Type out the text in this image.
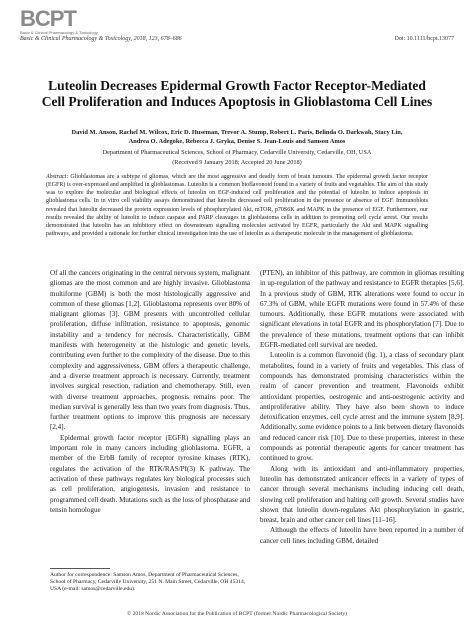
BCPT
Basic & Clinical Pharmacology & Toxicology
Basic & Clinical Pharmacology & Toxicology, 2018, 123, 678–686	Doi: 10.1111/bcpt.13077
Luteolin Decreases Epidermal Growth Factor Receptor-Mediated Cell Proliferation and Induces Apoptosis in Glioblastoma Cell Lines
David M. Anson, Rachel M. Wilcox, Eric D. Huseman, Trevor A. Stump, Robert L. Paris, Belinda O. Darkwah, Stacy Lin,
Andrea O. Adegoke, Rebecca J. Gryka, Denise S. Jean-Louis and Samson Amos
Department of Pharmaceutical Sciences, School of Pharmacy, Cedarville University, Cedarville, OH, USA
(Received 9 January 2018; Accepted 20 June 2018)
Abstract: Glioblastomas are a subtype of gliomas, which are the most aggressive and deadly form of brain tumours. The epidermal growth factor receptor (EGFR) is over-expressed and amplified in glioblastomas. Luteolin is a common bioflavonoid found in a variety of fruits and vegetables. The aim of this study was to explore the molecular and biological effects of luteolin on EGF-induced cell proliferation and the potential of luteolin to induce apoptosis in glioblastoma cells. In in vitro cell viability assays demonstrated that luteolin decreased cell proliferation in the presence or absence of EGF. Immunoblots revealed that luteolin decreased the protein expression levels of phosphorylated Akt, mTOR, p70S6K and MAPK in the presence of EGF. Furthermore, our results revealed the ability of luteolin to induce caspase and PARP cleavages in glioblastoma cells in addition to promoting cell cycle arrest. Our results demonstrated that luteolin has an inhibitory effect on downstream signalling molecules activated by EGFR, particularly the Akt and MAPK signalling pathways, and provided a rationale for further clinical investigation into the use of luteolin as a therapeutic molecule in the management of glioblastoma.

Of all the cancers originating in the central nervous system, malignant gliomas are the most common and are highly invasive. Glioblastoma multiforme (GBM) is both the most histologically aggressive and common of these gliomas [1,2]. Glioblastoma represents over 80% of malignant gliomas [3]. GBM presents with uncontrolled cellular proliferation, diffuse infiltration, resistance to apoptosis, genomic instability and a tendency for necrosis. Characteristically, GBM manifests with heterogeneity at the histologic and genetic levels, contributing even further to the complexity of the disease. Due to this complexity and aggressiveness, GBM offers a therapeutic challenge, and a diverse treatment approach is necessary. Currently, treatment involves surgical resection, radiation and chemotherapy. Still, even with diverse treatment approaches, prognosis remains poor. The median survival is generally less than two years from diagnosis. Thus, further treatment options to improve this prognosis are necessary [2,4].

Epidermal growth factor receptor (EGFR) signalling plays an important role in many cancers including glioblastoma. EGFR, a member of the ErbB family of receptor tyrosine kinases (RTK), regulates the activation of the RTK/RAS/PI(3) K pathway. The activation of these pathways regulates key biological processes such as cell proliferation, angiogenesis, invasion and resistance to programmed cell death. Mutations such as the loss of phosphatase and tensin homologue

(PTEN), an inhibitor of this pathway, are common in gliomas resulting in up-regulation of the pathway and resistance to EGFR therapies [5,6]. In a previous study of GBM, RTK alterations were found to occur in 67.3% of GBM, while EGFR mutations were found in 57.4% of these tumours. Additionally, these EGFR mutations were associated with significant elevations in total EGFR and its phosphorylation [7]. Due to the prevalence of these mutations, treatment options that can inhibit EGFR-mediated cell survival are needed.

Luteolin is a common flavonoid (fig. 1), a class of secondary plant metabolites, found in a variety of fruits and vegetables. This class of compounds has demonstrated promising characteristics within the realm of cancer prevention and treatment. Flavonoids exhibit antioxidant properties, oestrogenic and anti-oestrogenic activity and antiproliferative ability. They have also been shown to induce detoxification enzymes, cell cycle arrest and the immune system [8,9]. Additionally, some evidence points to a link between dietary flavonoids and reduced cancer risk [10]. Due to these properties, interest in these compounds as potential therapeutic agents for cancer treatment has continued to grow.

Along with its antioxidant and anti-inflammatory properties, luteolin has demonstrated anticancer effects in a variety of types of cancer through several mechanisms including inducing cell death, slowing cell proliferation and halting cell growth. Several studies have shown that luteolin down-regulates Akt phosphorylation in gastric, breast, brain and other cancer cell lines [11–16].

Although the effects of luteolin have been reported in a number of cancer cell lines including GBM, detailed

Author for correspondence: Samson Amos, Department of Pharmaceutical Sciences, School of Pharmacy, Cedarville University, 251 N. Main Street, Cedarville, OH 45314, USA (e-mail: samos@cedarville.edu).
© 2018 Nordic Association for the Publication of BCPT (former Nordic Pharmacological Society)
